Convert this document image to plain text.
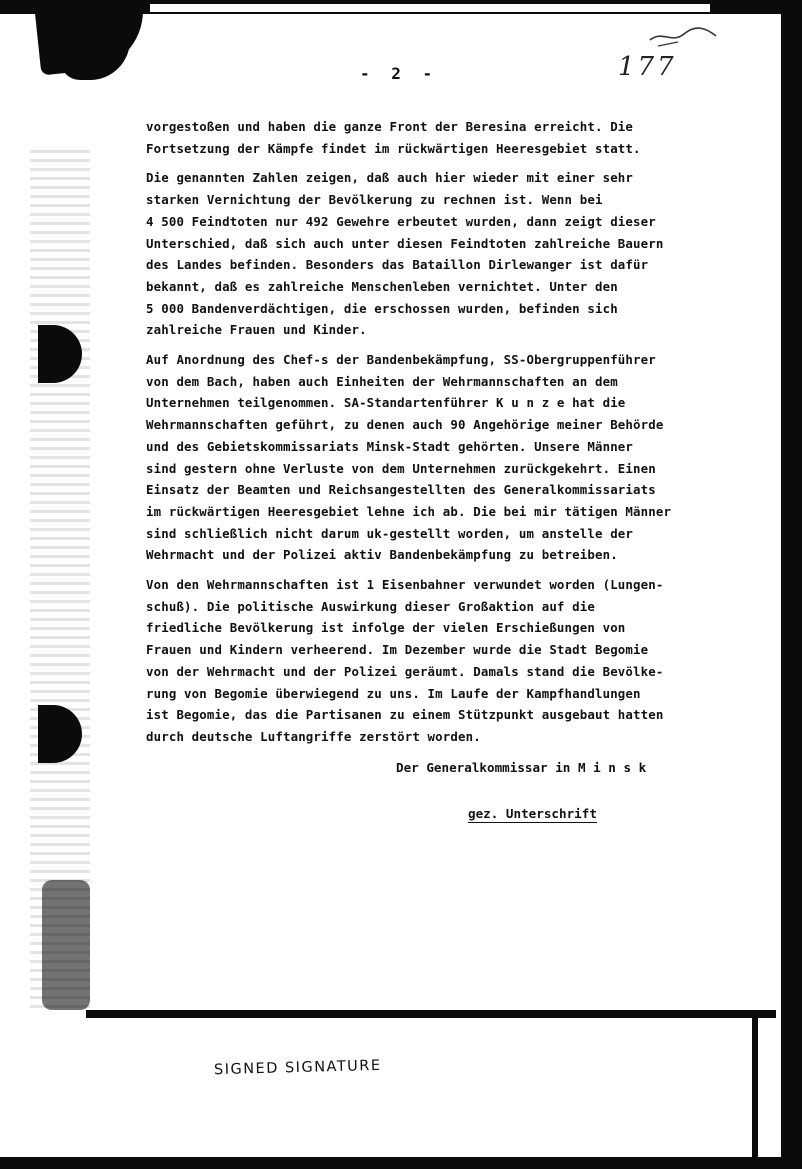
- 2 -	177
vorgestoßen und haben die ganze Front der Beresina erreicht. Die
Fortsetzung der Kämpfe findet im rückwärtigen Heeresgebiet statt.
Die genannten Zahlen zeigen, daß auch hier wieder mit einer sehr
starken Vernichtung der Bevölkerung zu rechnen ist. Wenn bei
4 500 Feindtoten nur 492 Gewehre erbeutet wurden, dann zeigt dieser
Unterschied, daß sich auch unter diesen Feindtoten zahlreiche Bauern
des Landes befinden. Besonders das Bataillon Dirlewanger ist dafür
bekannt, daß es zahlreiche Menschenleben vernichtet. Unter den
5 000 Bandenverdächtigen, die erschossen wurden, befinden sich
zahlreiche Frauen und Kinder.
Auf Anordnung des Chef-s der Bandenbekämpfung, SS-Obergruppenführer
von dem Bach, haben auch Einheiten der Wehrmannschaften an dem
Unternehmen teilgenommen. SA-Standartenführer K u n z e hat die
Wehrmannschaften geführt, zu denen auch 90 Angehörige meiner Behörde
und des Gebietskommissariats Minsk-Stadt gehörten. Unsere Männer
sind gestern ohne Verluste von dem Unternehmen zurückgekehrt. Einen
Einsatz der Beamten und Reichsangestellten des Generalkommissariats
im rückwärtigen Heeresgebiet lehne ich ab. Die bei mir tätigen Männer
sind schließlich nicht darum uk-gestellt worden, um anstelle der
Wehrmacht und der Polizei aktiv Bandenbekämpfung zu betreiben.
Von den Wehrmannschaften ist 1 Eisenbahner verwundet worden (Lungen-
schuß). Die politische Auswirkung dieser Großaktion auf die
friedliche Bevölkerung ist infolge der vielen Erschießungen von
Frauen und Kindern verheerend. Im Dezember wurde die Stadt Begomie
von der Wehrmacht und der Polizei geräumt. Damals stand die Bevölke-
rung von Begomie überwiegend zu uns. Im Laufe der Kampfhandlungen
ist Begomie, das die Partisanen zu einem Stützpunkt ausgebaut hatten
durch deutsche Luftangriffe zerstört worden.
Der Generalkommissar in M i n s k
gez. Unterschrift
SIGNED SIGNATURE
